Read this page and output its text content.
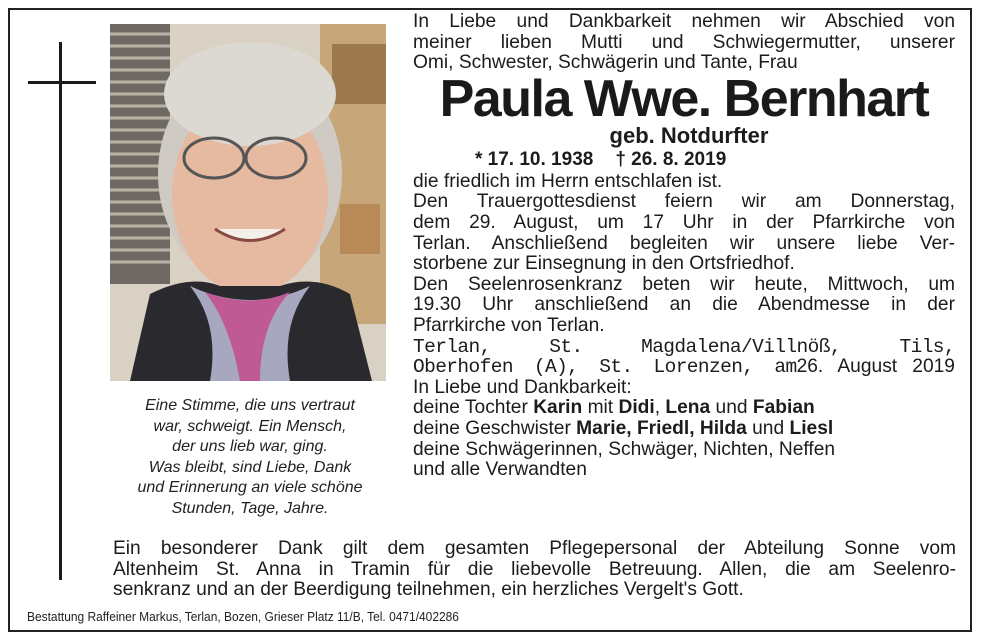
Eine Stimme, die uns vertraut
war, schweigt. Ein Mensch,
der uns lieb war, ging.
Was bleibt, sind Liebe, Dank
und Erinnerung an viele schöne
Stunden, Tage, Jahre.
In Liebe und Dankbarkeit nehmen wir Abschied von
meiner lieben Mutti und Schwiegermutter, unserer
Omi, Schwester, Schwägerin und Tante, Frau
Paula Wwe. Bernhart
geb. Notdurfter
* 17. 10. 1938 † 26. 8. 2019
die friedlich im Herrn entschlafen ist.
Den Trauergottesdienst feiern wir am Donnerstag,
dem 29. August, um 17 Uhr in der Pfarrkirche von
Terlan. Anschließend begleiten wir unsere liebe Ver-
storbene zur Einsegnung in den Ortsfriedhof.
Den Seelenrosenkranz beten wir heute, Mittwoch, um
19.30 Uhr anschließend an die Abendmesse in der
Pfarrkirche von Terlan.
Terlan, St. Magdalena/Villnöß, Tils,
Oberhofen (A), St. Lorenzen, am26. August 2019
In Liebe und Dankbarkeit:
deine Tochter Karin mit Didi, Lena und Fabian
deine Geschwister Marie, Friedl, Hilda und Liesl
deine Schwägerinnen, Schwäger, Nichten, Neffen
und alle Verwandten
Ein besonderer Dank gilt dem gesamten Pflegepersonal der Abteilung Sonne vom
Altenheim St. Anna in Tramin für die liebevolle Betreuung. Allen, die am Seelenro-
senkranz und an der Beerdigung teilnehmen, ein herzliches Vergelt's Gott.
Bestattung Raffeiner Markus, Terlan, Bozen, Grieser Platz 11/B, Tel. 0471/402286
